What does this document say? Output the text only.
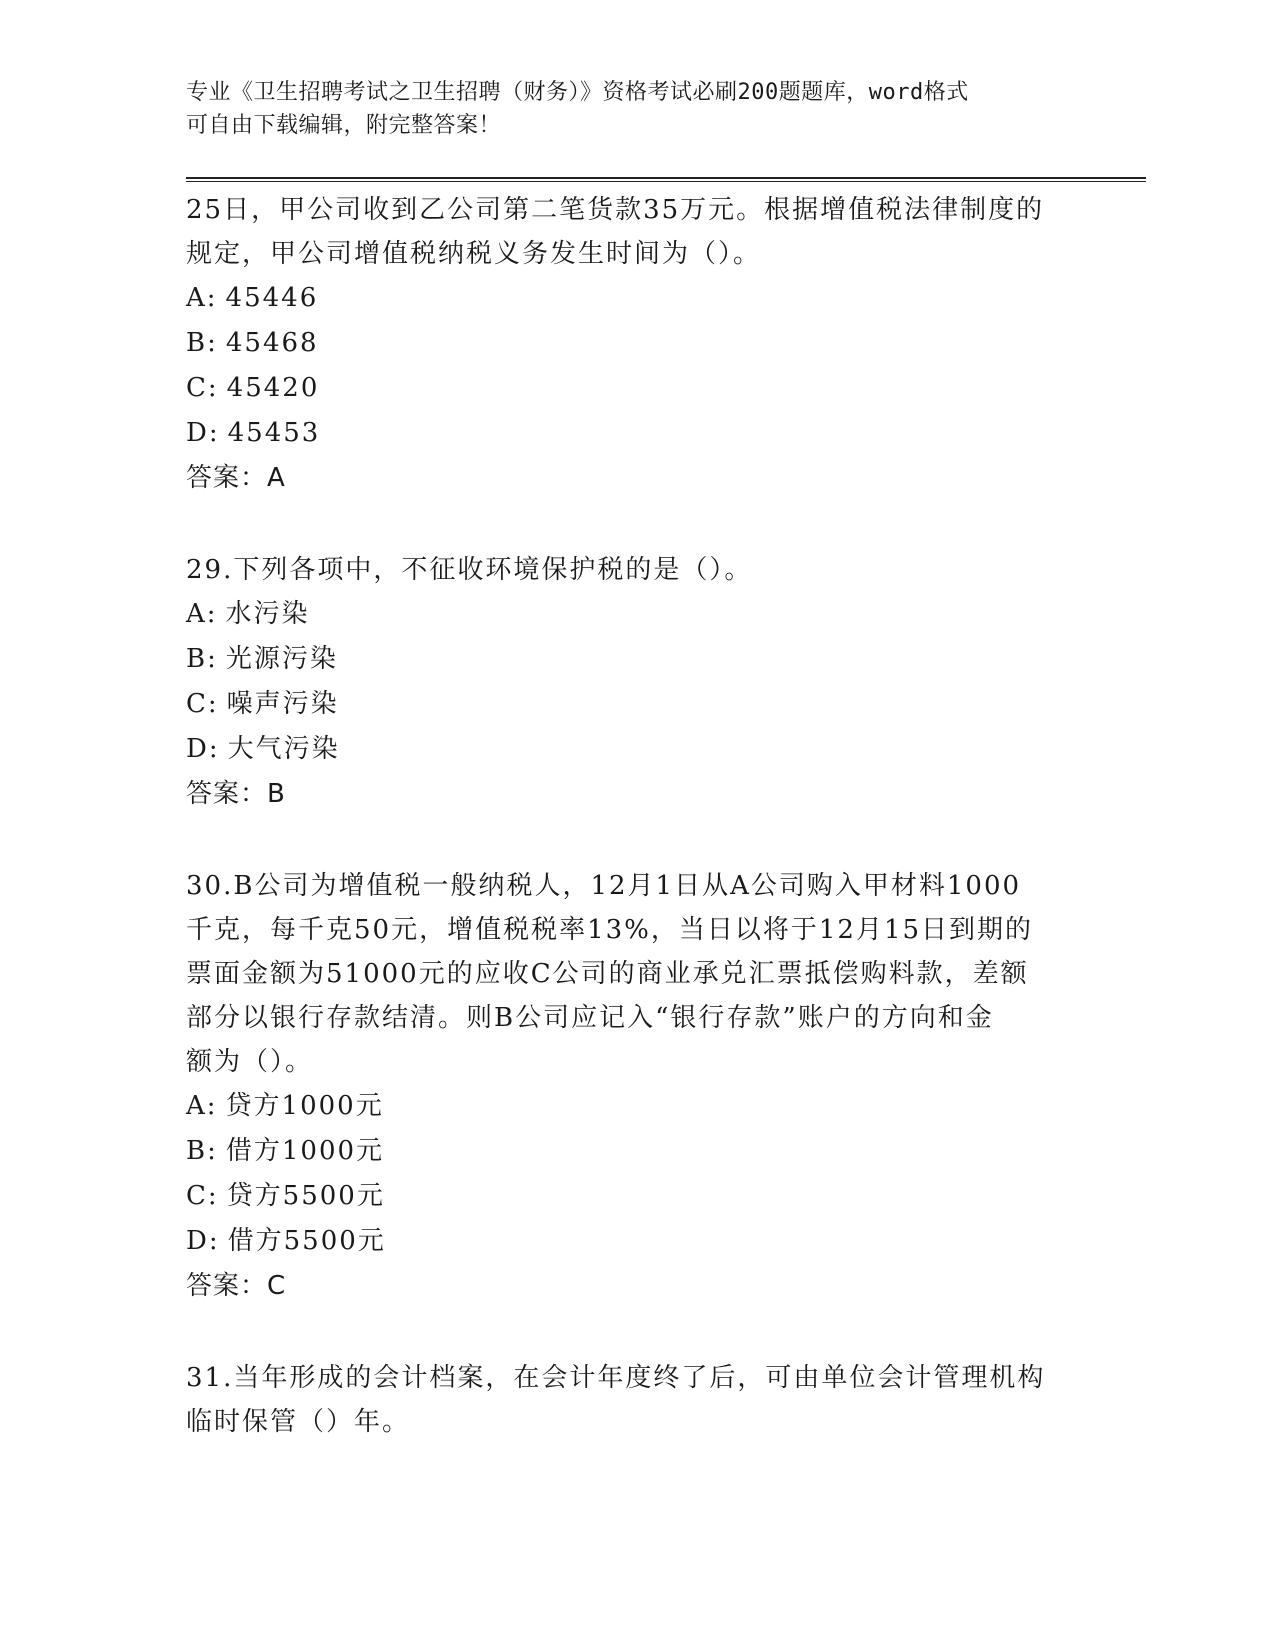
专业《卫生招聘考试之卫生招聘（财务）》资格考试必刷200题题库，word格式
可自由下载编辑，附完整答案！
25日，甲公司收到乙公司第二笔货款35万元。根据增值税法律制度的
规定，甲公司增值税纳税义务发生时间为（）。
A: 45446
B: 45468
C: 45420
D: 45453
答案：A
29.下列各项中，不征收环境保护税的是（）。
A: 水污染
B: 光源污染
C: 噪声污染
D: 大气污染
答案：B
30.B公司为增值税一般纳税人，12月1日从A公司购入甲材料1000
千克，每千克50元，增值税税率13%，当日以将于12月15日到期的
票面金额为51000元的应收C公司的商业承兑汇票抵偿购料款，差额
部分以银行存款结清。则B公司应记入“银行存款”账户的方向和金
额为（）。
A: 贷方1000元
B: 借方1000元
C: 贷方5500元
D: 借方5500元
答案：C
31.当年形成的会计档案，在会计年度终了后，可由单位会计管理机构
临时保管（）年。
